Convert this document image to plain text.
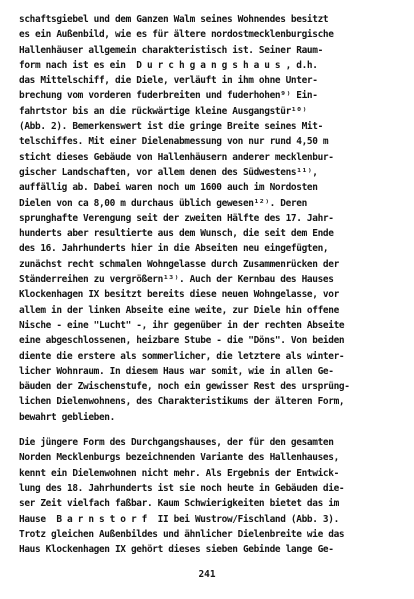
schaftsgiebel und dem Ganzen Walm seines Wohnendes besitzt
es ein Außenbild, wie es für ältere nordostmecklenburgische
Hallenhäuser allgemein charakteristisch ist. Seiner Raum-
form nach ist es ein  D u r c h g a n g s h a u s , d.h.
das Mittelschiff, die Diele, verläuft in ihm ohne Unter-
brechung vom vorderen fuderbreiten und fuderhohen⁹⁾ Ein-
fahrtstor bis an die rückwärtige kleine Ausgangstür¹⁰⁾
(Abb. 2). Bemerkenswert ist die gringe Breite seines Mit-
telschiffes. Mit einer Dielenabmessung von nur rund 4,50 m
sticht dieses Gebäude von Hallenhäusern anderer mecklenbur-
gischer Landschaften, vor allem denen des Südwestens¹¹⁾,
auffällig ab. Dabei waren noch um 1600 auch im Nordosten
Dielen von ca 8,00 m durchaus üblich gewesen¹²⁾. Deren
sprunghafte Verengung seit der zweiten Hälfte des 17. Jahr-
hunderts aber resultierte aus dem Wunsch, die seit dem Ende
des 16. Jahrhunderts hier in die Abseiten neu eingefügten,
zunächst recht schmalen Wohngelasse durch Zusammenrücken der
Ständerreihen zu vergrößern¹³⁾. Auch der Kernbau des Hauses
Klockenhagen IX besitzt bereits diese neuen Wohngelasse, vor
allem in der linken Abseite eine weite, zur Diele hin offene
Nische - eine "Lucht" -, ihr gegenüber in der rechten Abseite
eine abgeschlossenen, heizbare Stube - die "Döns". Von beiden
diente die erstere als sommerlicher, die letztere als winter-
licher Wohnraum. In diesem Haus war somit, wie in allen Ge-
bäuden der Zwischenstufe, noch ein gewisser Rest des ursprüng-
lichen Dielenwohnens, des Charakteristikums der älteren Form,
bewahrt geblieben.
Die jüngere Form des Durchgangshauses, der für den gesamten
Norden Mecklenburgs bezeichnenden Variante des Hallenhauses,
kennt ein Dielenwohnen nicht mehr. Als Ergebnis der Entwick-
lung des 18. Jahrhunderts ist sie noch heute in Gebäuden die-
ser Zeit vielfach faßbar. Kaum Schwierigkeiten bietet das im
Hause  B a r n s t o r f  II bei Wustrow/Fischland (Abb. 3).
Trotz gleichen Außenbildes und ähnlicher Dielenbreite wie das
Haus Klockenhagen IX gehört dieses sieben Gebinde lange Ge-
241
